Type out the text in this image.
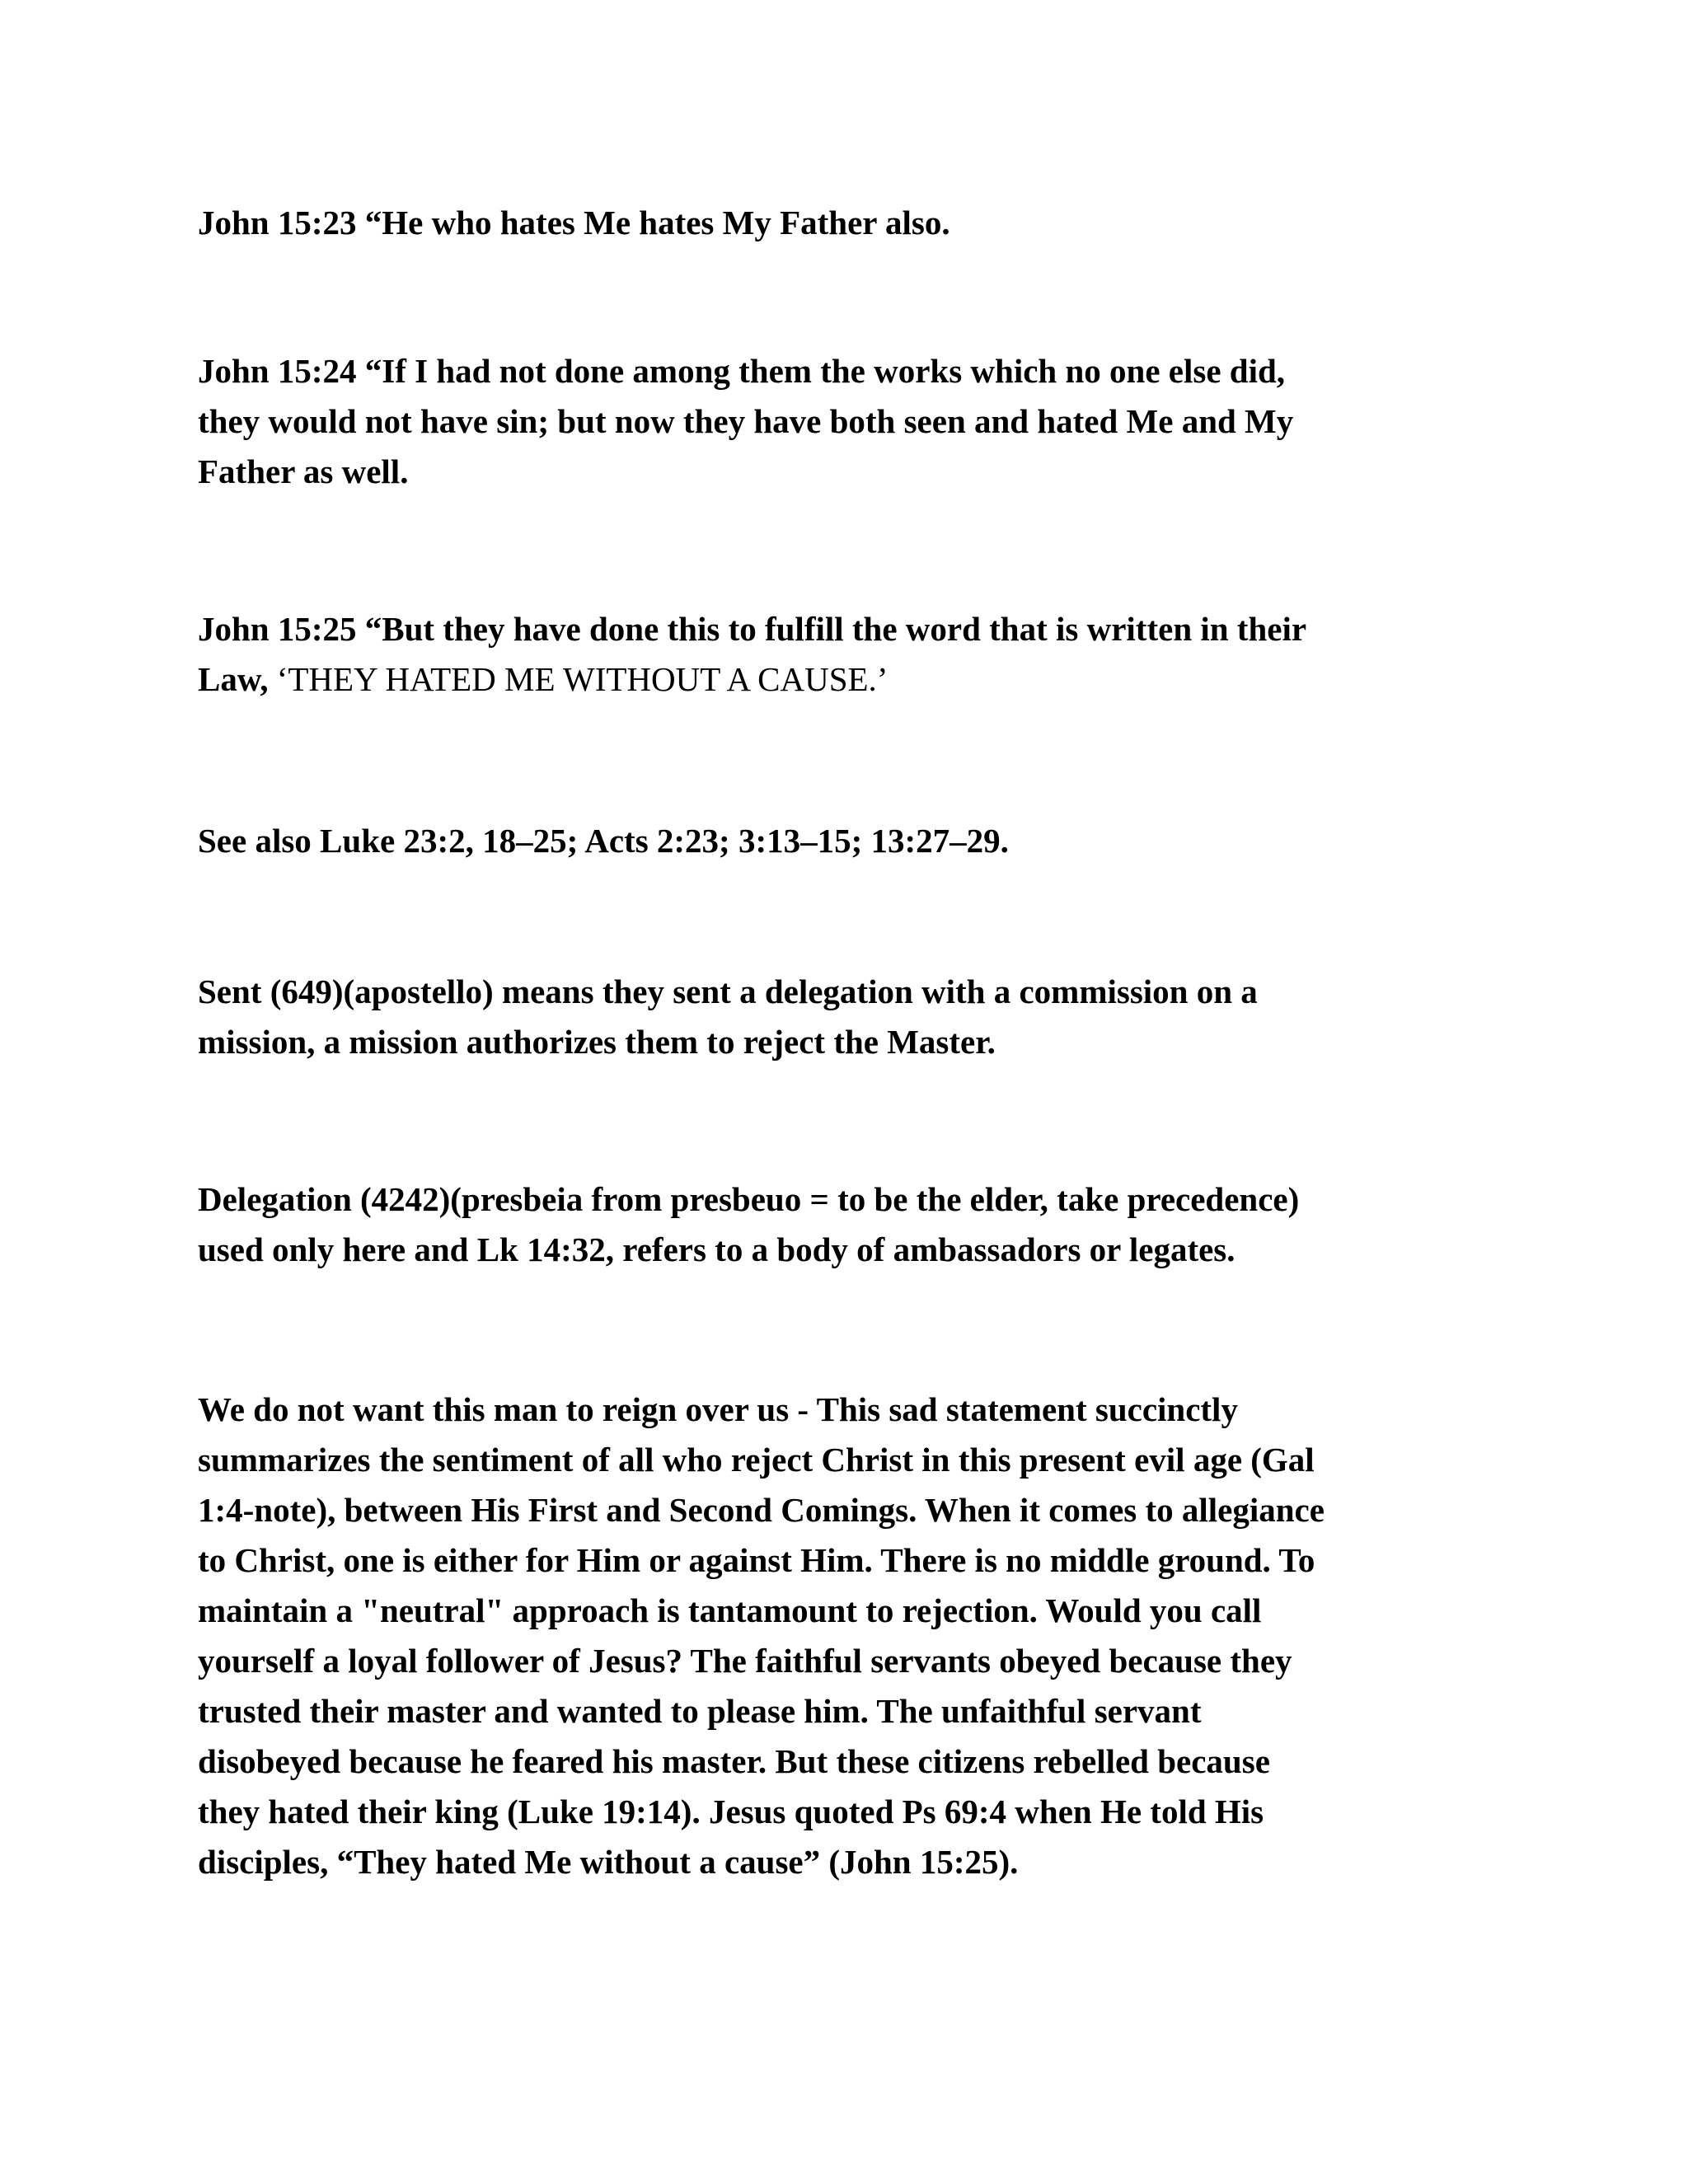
John 15:23 “He who hates Me hates My Father also.

John 15:24 “If I had not done among them the works which no one else did,
they would not have sin; but now they have both seen and hated Me and My
Father as well.

John 15:25 “But they have done this to fulfill the word that is written in their
Law, ‘THEY HATED ME WITHOUT A CAUSE.’

See also Luke 23:2, 18–25; Acts 2:23; 3:13–15; 13:27–29.

Sent (649)(apostello) means they sent a delegation with a commission on a
mission, a mission authorizes them to reject the Master.

Delegation (4242)(presbeia from presbeuo = to be the elder, take precedence)
used only here and Lk 14:32, refers to a body of ambassadors or legates.

We do not want this man to reign over us - This sad statement succinctly
summarizes the sentiment of all who reject Christ in this present evil age (Gal
1:4-note), between His First and Second Comings. When it comes to allegiance
to Christ, one is either for Him or against Him. There is no middle ground. To
maintain a "neutral" approach is tantamount to rejection. Would you call
yourself a loyal follower of Jesus? The faithful servants obeyed because they
trusted their master and wanted to please him. The unfaithful servant
disobeyed because he feared his master. But these citizens rebelled because
they hated their king (Luke 19:14). Jesus quoted Ps 69:4 when He told His
disciples, “They hated Me without a cause” (John 15:25).
